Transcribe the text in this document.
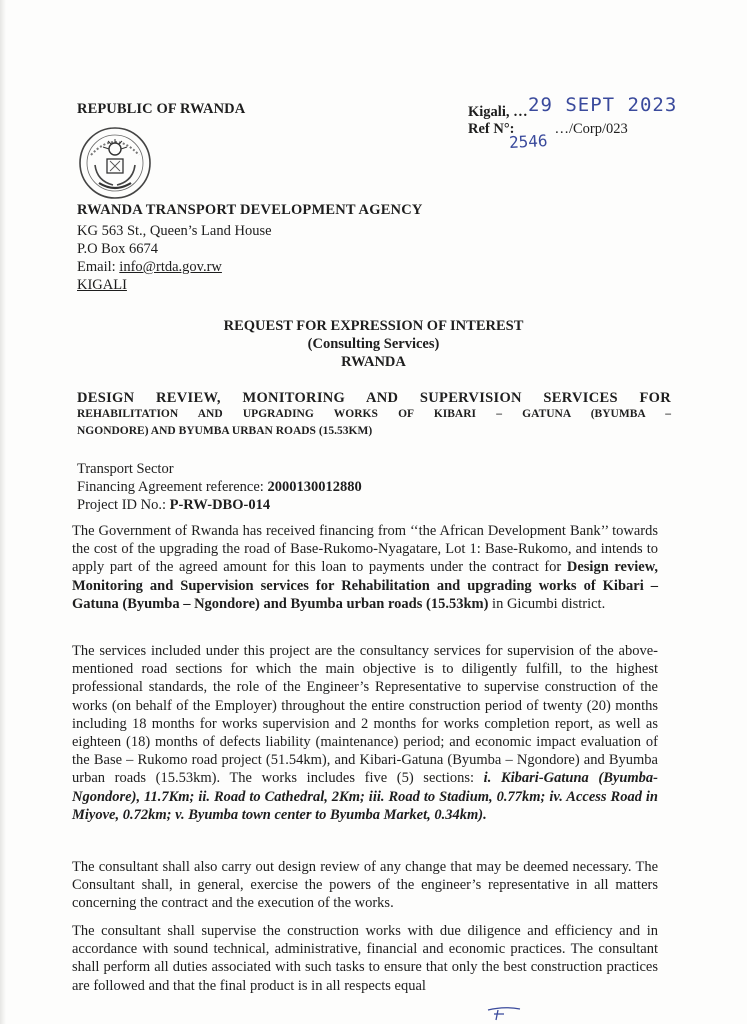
REPUBLIC OF RWANDA
RWANDA TRANSPORT DEVELOPMENT AGENCY
KG 563 St., Queen’s Land House
P.O Box 6674
Email: info@rtda.gov.rw
KIGALI
Kigali, … 29 SEPT 2023
Ref N°:	…/Corp/023
2546
REQUEST FOR EXPRESSION OF INTEREST
(Consulting Services)
RWANDA
DESIGN REVIEW, MONITORING AND SUPERVISION SERVICES FOR
REHABILITATION AND UPGRADING WORKS OF KIBARI – GATUNA (BYUMBA –
NGONDORE) AND BYUMBA URBAN ROADS (15.53KM)
Transport Sector
Financing Agreement reference: 2000130012880
Project ID No.: P-RW-DBO-014

The Government of Rwanda has received financing from ‘‘the African Development Bank’’ towards the cost of the upgrading the road of Base-Rukomo-Nyagatare, Lot 1: Base-Rukomo, and intends to apply part of the agreed amount for this loan to payments under the contract for Design review, Monitoring and Supervision services for Rehabilitation and upgrading works of Kibari – Gatuna (Byumba – Ngondore) and Byumba urban roads (15.53km) in Gicumbi district.

The services included under this project are the consultancy services for supervision of the above- mentioned road sections for which the main objective is to diligently fulfill, to the highest professional standards, the role of the Engineer’s Representative to supervise construction of the works (on behalf of the Employer) throughout the entire construction period of twenty (20) months including 18 months for works supervision and 2 months for works completion report, as well as eighteen (18) months of defects liability (maintenance) period; and economic impact evaluation of the Base – Rukomo road project (51.54km), and Kibari-Gatuna (Byumba – Ngondore) and Byumba urban roads (15.53km). The works includes five (5) sections: i. Kibari-Gatuna (Byumba-Ngondore), 11.7Km; ii. Road to Cathedral, 2Km; iii. Road to Stadium, 0.77km; iv. Access Road in Miyove, 0.72km; v. Byumba town center to Byumba Market, 0.34km).

The consultant shall also carry out design review of any change that may be deemed necessary. The Consultant shall, in general, exercise the powers of the engineer’s representative in all matters concerning the contract and the execution of the works.

The consultant shall supervise the construction works with due diligence and efficiency and in accordance with sound technical, administrative, financial and economic practices. The consultant shall perform all duties associated with such tasks to ensure that only the best construction practices are followed and that the final product is in all respects equal
